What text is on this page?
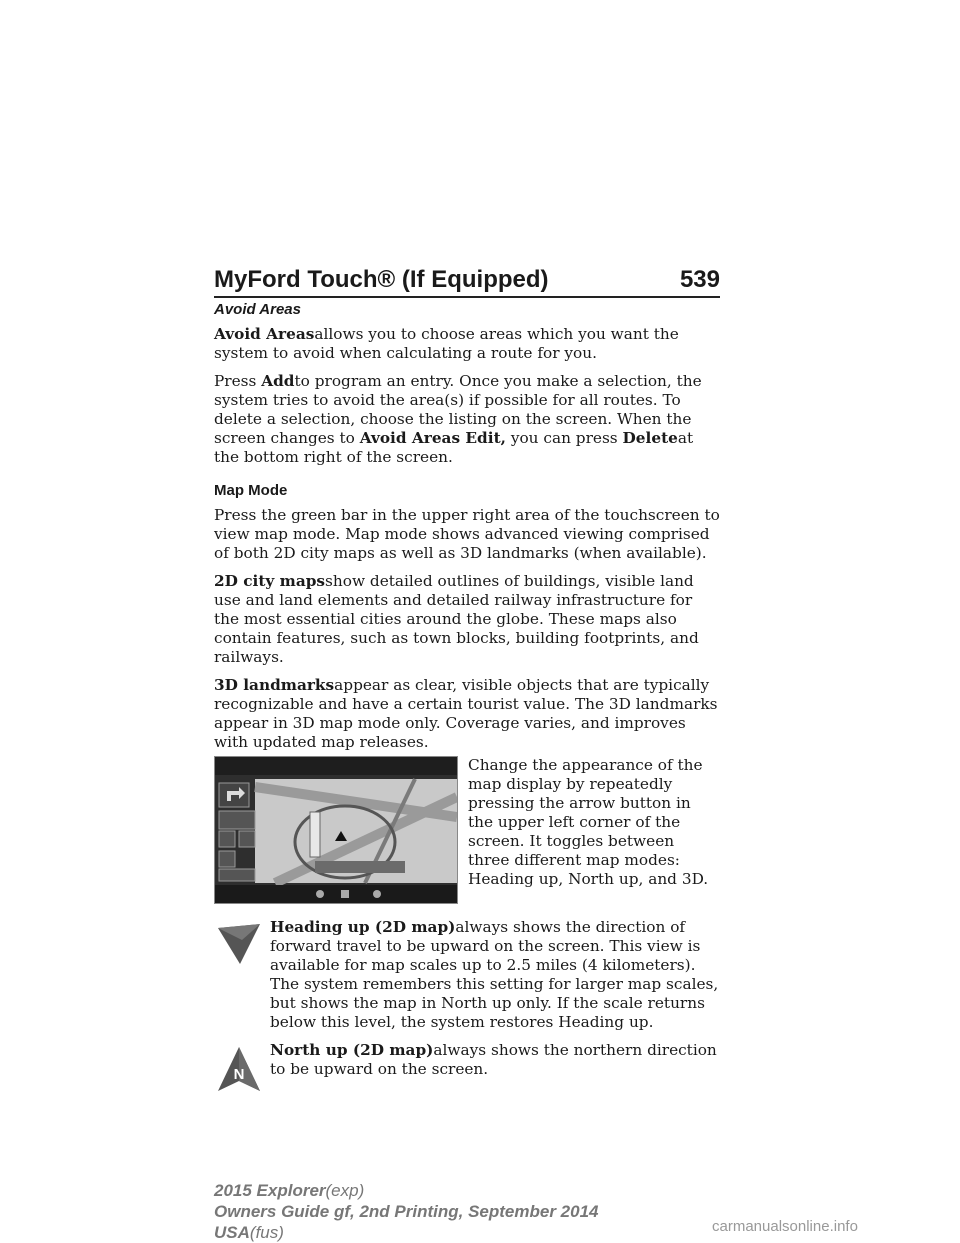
MyFord Touch® (If Equipped)	539
Avoid Areas

Avoid Areasallows you to choose areas which you want the system to avoid when calculating a route for you.

Press Addto program an entry. Once you make a selection, the system tries to avoid the area(s) if possible for all routes. To delete a selection, choose the listing on the screen. When the screen changes to Avoid Areas Edit, you can press Deleteat the bottom right of the screen.

Map Mode

Press the green bar in the upper right area of the touchscreen to view map mode. Map mode shows advanced viewing comprised of both 2D city maps as well as 3D landmarks (when available).

2D city mapsshow detailed outlines of buildings, visible land use and land elements and detailed railway infrastructure for the most essential cities around the globe. These maps also contain features, such as town blocks, building footprints, and railways.

3D landmarksappear as clear, visible objects that are typically recognizable and have a certain tourist value. The 3D landmarks appear in 3D map mode only. Coverage varies, and improves with updated map releases.

Change the appearance of the map display by repeatedly pressing the arrow button in the upper left corner of the screen. It toggles between three different map modes: Heading up, North up, and 3D.

Heading up (2D map)always shows the direction of forward travel to be upward on the screen. This view is available for map scales up to 2.5 miles (4 kilometers). The system remembers this setting for larger map scales, but shows the map in North up only. If the scale returns below this level, the system restores Heading up.

N

North up (2D map)always shows the northern direction to be upward on the screen.

2015 Explorer(exp)
Owners Guide gf, 2nd Printing, September 2014
USA(fus)	carmanualsonline.info
